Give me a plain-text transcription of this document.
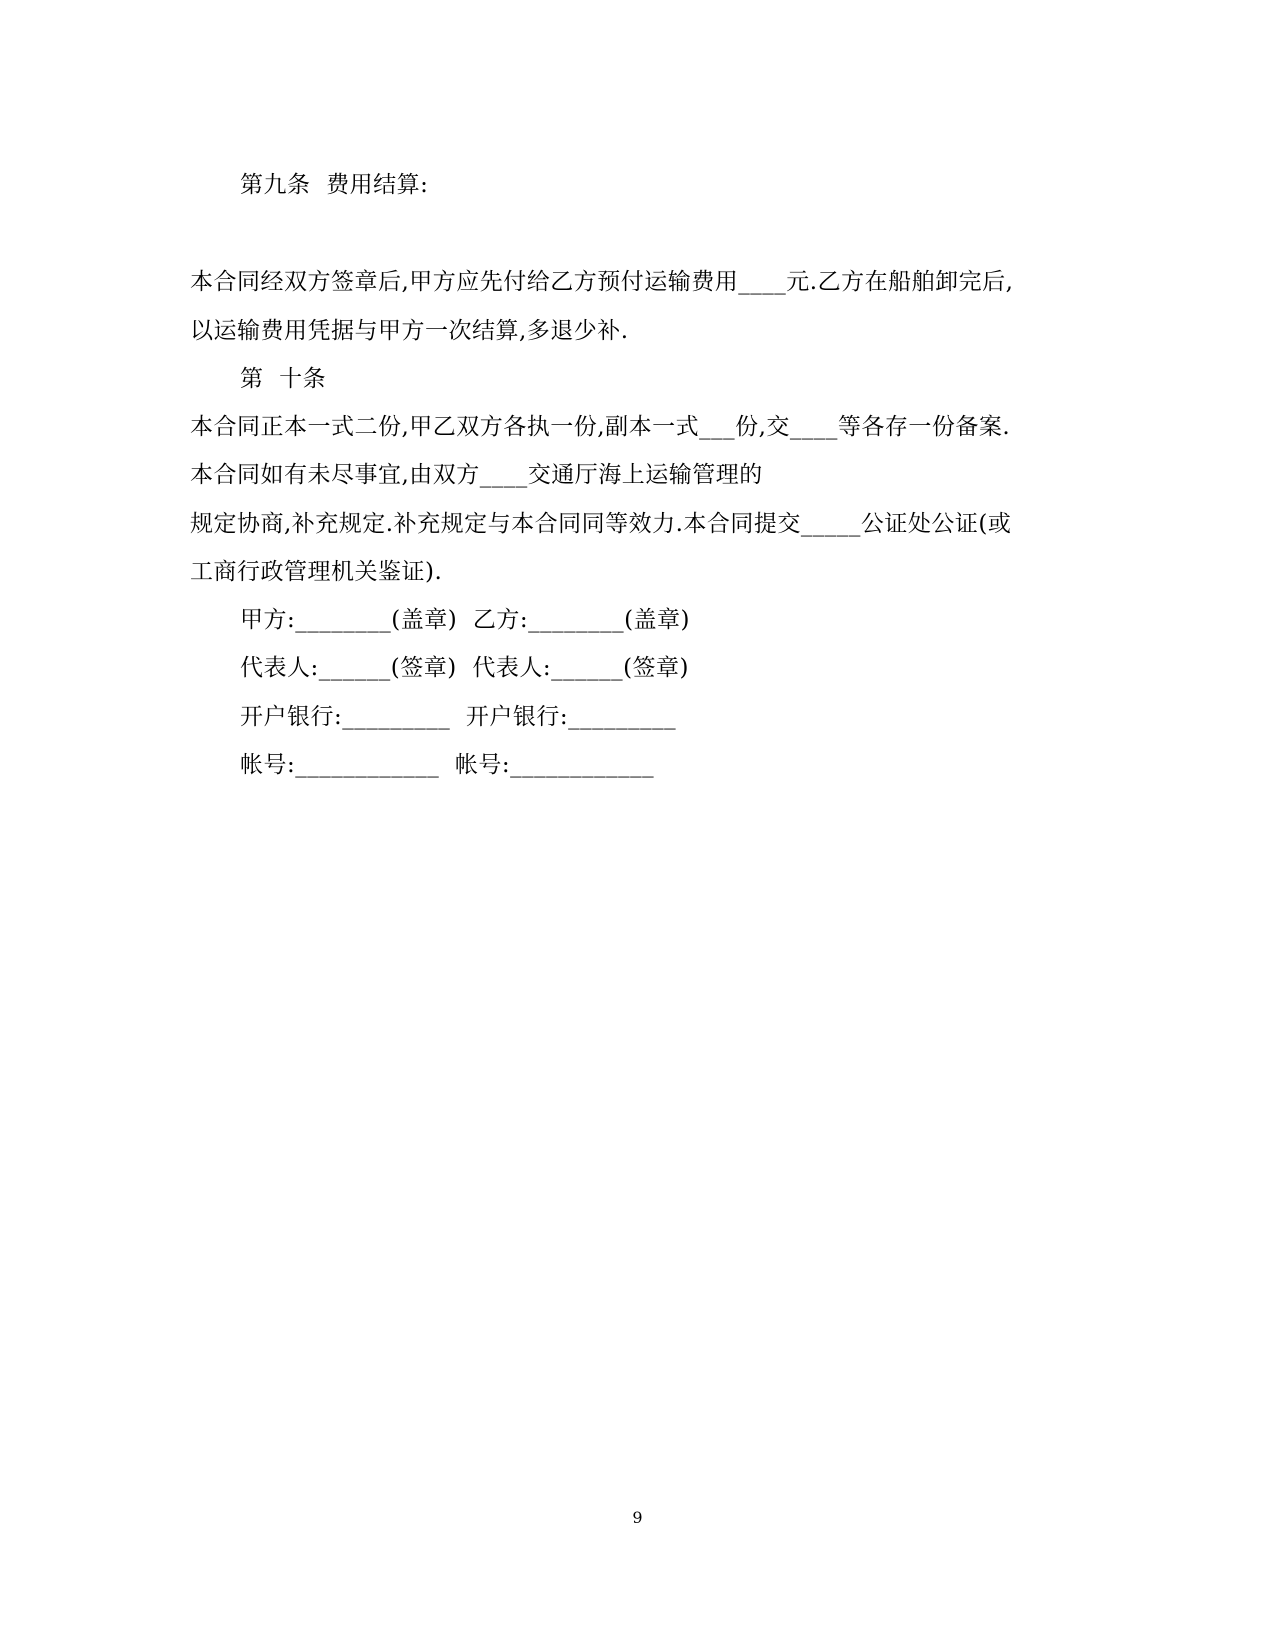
第九条  费用结算:
本合同经双方签章后,甲方应先付给乙方预付运输费用____元.乙方在船舶卸完后,
以运输费用凭据与甲方一次结算,多退少补.
第  十条
本合同正本一式二份,甲乙双方各执一份,副本一式___份,交____等各存一份备案.
本合同如有未尽事宜,由双方____交通厅海上运输管理的
规定协商,补充规定.补充规定与本合同同等效力.本合同提交_____公证处公证(或
工商行政管理机关鉴证).
甲方:________(盖章)  乙方:________(盖章)
代表人:______(签章)  代表人:______(签章)
开户银行:_________  开户银行:_________
帐号:____________  帐号:____________
9
